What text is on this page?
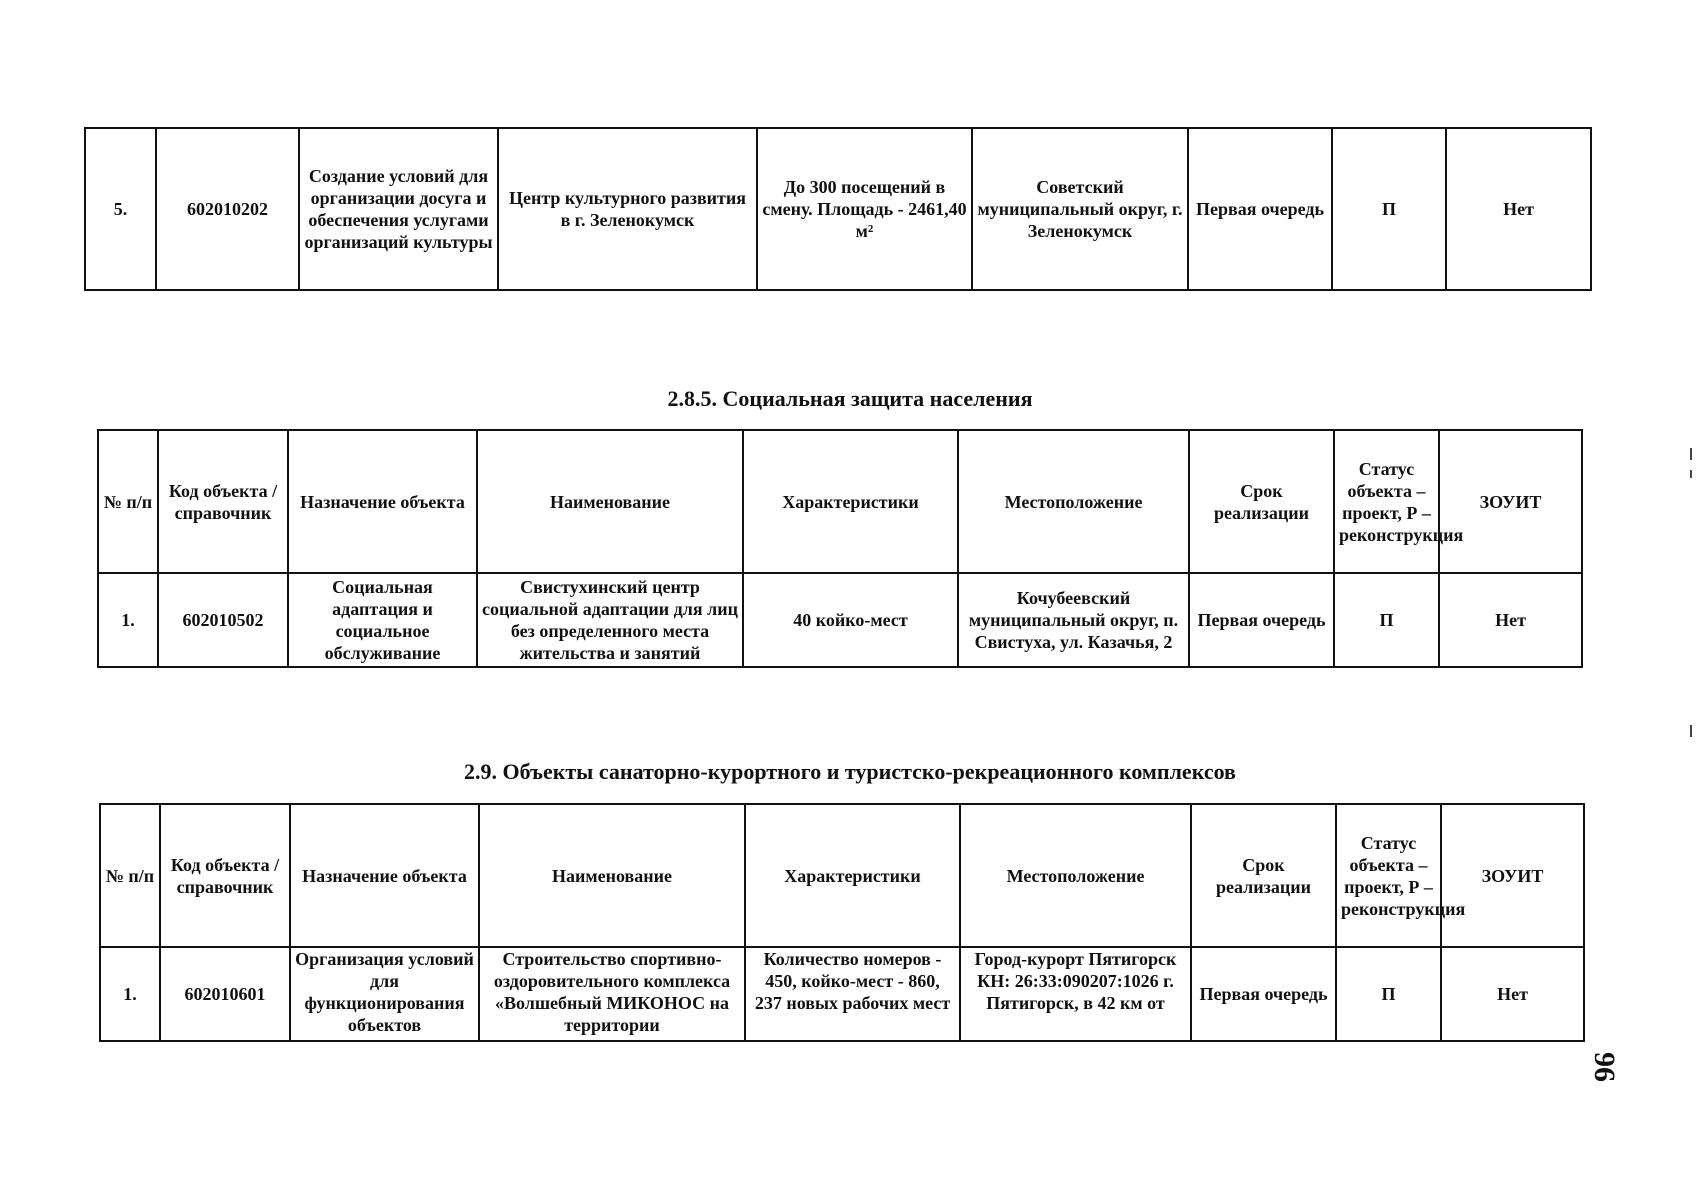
5.	602010202	Создание условий для организации досуга и обеспечения услугами организаций культуры	Центр культурного развития в г. Зеленокумск	До 300 посещений в смену. Площадь - 2461,40 м²	Советский муниципальный округ, г. Зеленокумск	Первая очередь	П	Нет
2.8.5. Социальная защита населения
№ п/п	Код объекта / справочник	Назначение объекта	Наименование	Характеристики	Местоположение	Срок реализации	Статус объекта – проект, Р – реконструкция	ЗОУИТ
1.	602010502	Социальная адаптация и социальное обслуживание	Свистухинский центр социальной адаптации для лиц без определенного места жительства и занятий	40 койко-мест	Кочубеевский муниципальный округ, п. Свистуха, ул. Казачья, 2	Первая очередь	П	Нет
2.9. Объекты санаторно-курортного и туристско-рекреационного комплексов
№ п/п	Код объекта / справочник	Назначение объекта	Наименование	Характеристики	Местоположение	Срок реализации	Статус объекта – проект, Р – реконструкция	ЗОУИТ
1.	602010601	Организация условий для функционирования объектов	Строительство спортивно-оздоровительного комплекса «Волшебный МИКОНОС на территории	Количество номеров - 450, койко-мест - 860, 237 новых рабочих мест	Город-курорт Пятигорск КН: 26:33:090207:1026 г. Пятигорск, в 42 км от	Первая очередь	П	Нет
96
